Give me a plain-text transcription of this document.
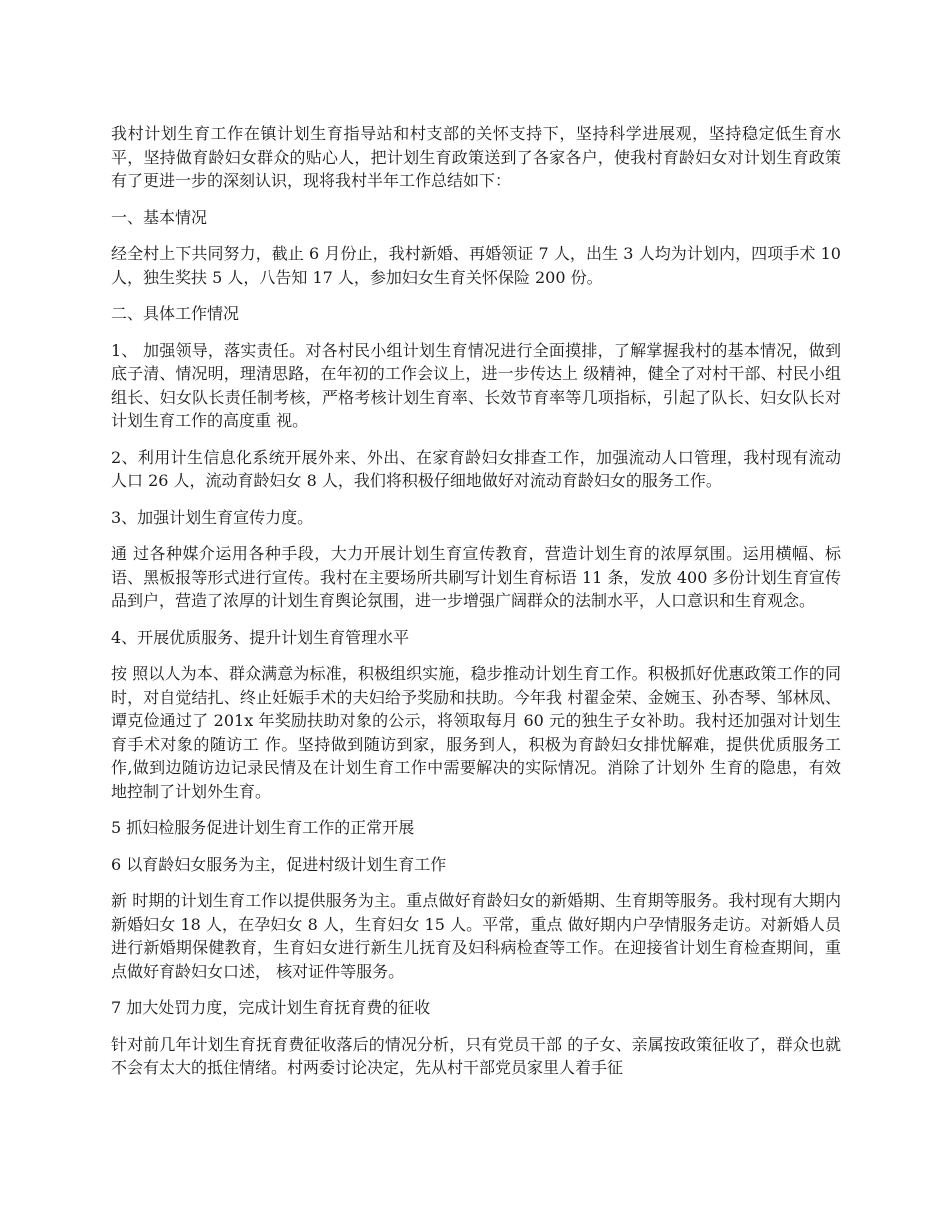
我村计划生育工作在镇计划生育指导站和村支部的关怀支持下，坚持科学进展观，坚持稳定低生育水平，坚持做育龄妇女群众的贴心人，把计划生育政策送到了各家各户，使我村育龄妇女对计划生育政策有了更进一步的深刻认识，现将我村半年工作总结如下：

一、基本情况

经全村上下共同努力，截止 6 月份止，我村新婚、再婚领证 7 人，出生 3 人均为计划内，四项手术 10 人，独生奖扶 5 人，八告知 17 人，参加妇女生育关怀保险 200 份。

二、具体工作情况

1、 加强领导，落实责任。对各村民小组计划生育情况进行全面摸排，了解掌握我村的基本情况，做到底子清、情况明，理清思路，在年初的工作会议上，进一步传达上 级精神，健全了对村干部、村民小组组长、妇女队长责任制考核，严格考核计划生育率、长效节育率等几项指标，引起了队长、妇女队长对计划生育工作的高度重 视。

2、利用计生信息化系统开展外来、外出、在家育龄妇女排查工作，加强流动人口管理，我村现有流动人口 26 人，流动育龄妇女 8 人，我们将积极仔细地做好对流动育龄妇女的服务工作。

3、加强计划生育宣传力度。

通 过各种媒介运用各种手段，大力开展计划生育宣传教育，营造计划生育的浓厚氛围。运用横幅、标语、黑板报等形式进行宣传。我村在主要场所共刷写计划生育标语 11 条，发放 400 多份计划生育宣传品到户，营造了浓厚的计划生育舆论氛围，进一步增强广阔群众的法制水平，人口意识和生育观念。

4、开展优质服务、提升计划生育管理水平

按 照以人为本、群众满意为标准，积极组织实施，稳步推动计划生育工作。积极抓好优惠政策工作的同时，对自觉结扎、终止妊娠手术的夫妇给予奖励和扶助。今年我 村翟金荣、金婉玉、孙杏琴、邹林凤、谭克俭通过了 201x 年奖励扶助对象的公示，将领取每月 60 元的独生子女补助。我村还加强对计划生育手术对象的随访工 作。坚持做到随访到家，服务到人，积极为育龄妇女排忧解难，提供优质服务工作,做到边随访边记录民情及在计划生育工作中需要解决的实际情况。消除了计划外 生育的隐患，有效地控制了计划外生育。

5 抓妇检服务促进计划生育工作的正常开展

6 以育龄妇女服务为主，促进村级计划生育工作

新 时期的计划生育工作以提供服务为主。重点做好育龄妇女的新婚期、生育期等服务。我村现有大期内新婚妇女 18 人，在孕妇女 8 人，生育妇女 15 人。平常，重点 做好期内户孕情服务走访。对新婚人员进行新婚期保健教育，生育妇女进行新生儿抚育及妇科病检查等工作。在迎接省计划生育检查期间，重点做好育龄妇女口述， 核对证件等服务。

7 加大处罚力度，完成计划生育抚育费的征收

针对前几年计划生育抚育费征收落后的情况分析，只有党员干部 的子女、亲属按政策征收了，群众也就不会有太大的抵住情绪。村两委讨论决定，先从村干部党员家里人着手征
